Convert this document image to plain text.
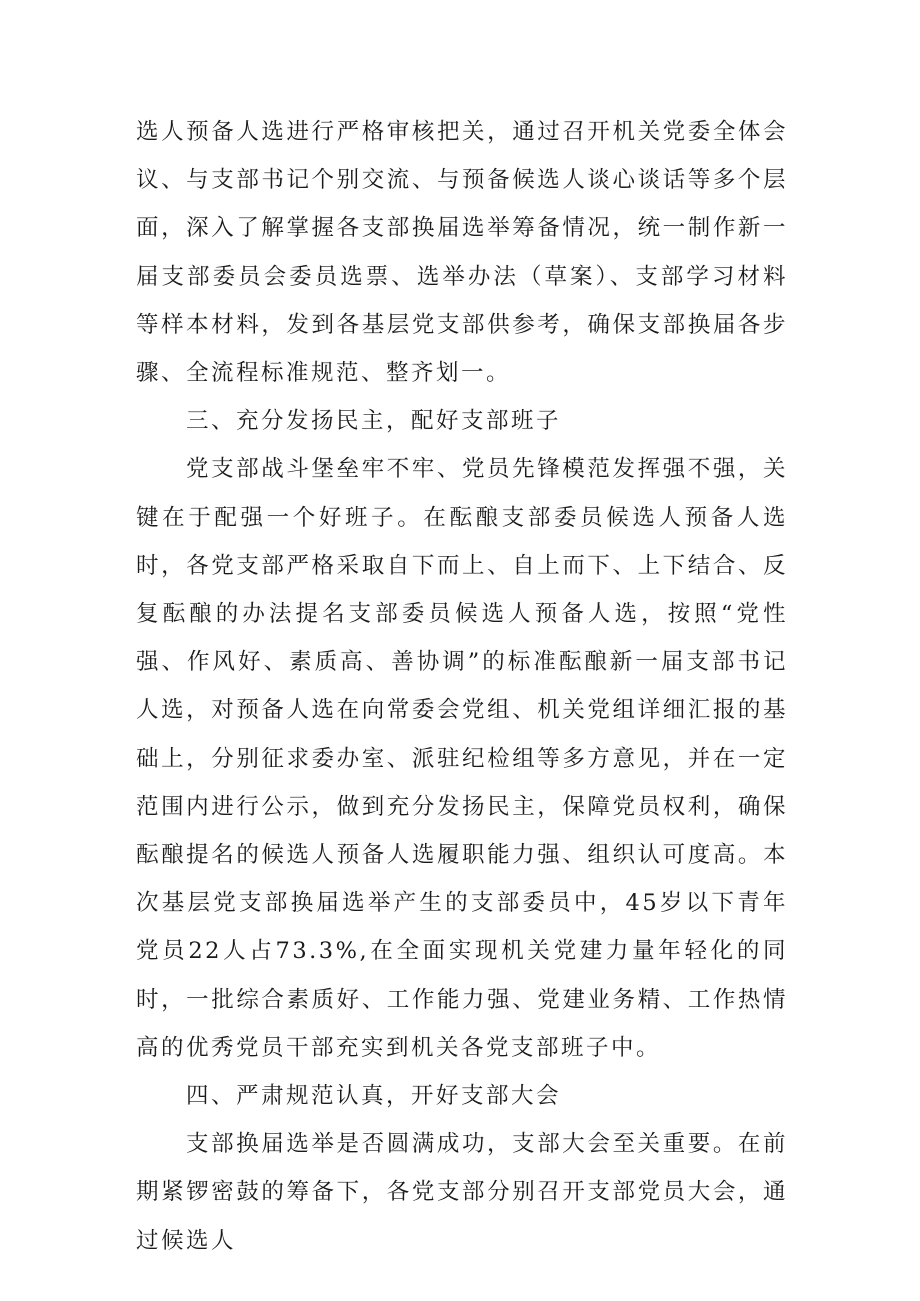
选人预备人选进行严格审核把关，通过召开机关党委全体会议、与支部书记个别交流、与预备候选人谈心谈话等多个层面，深入了解掌握各支部换届选举筹备情况，统一制作新一届支部委员会委员选票、选举办法（草案）、支部学习材料等样本材料，发到各基层党支部供参考，确保支部换届各步骤、全流程标准规范、整齐划一。

三、充分发扬民主，配好支部班子

党支部战斗堡垒牢不牢、党员先锋模范发挥强不强，关键在于配强一个好班子。在酝酿支部委员候选人预备人选时，各党支部严格采取自下而上、自上而下、上下结合、反复酝酿的办法提名支部委员候选人预备人选，按照“党性强、作风好、素质高、善协调”的标准酝酿新一届支部书记人选，对预备人选在向常委会党组、机关党组详细汇报的基础上，分别征求委办室、派驻纪检组等多方意见，并在一定范围内进行公示，做到充分发扬民主，保障党员权利，确保酝酿提名的候选人预备人选履职能力强、组织认可度高。本次基层党支部换届选举产生的支部委员中，45岁以下青年党员22人占73.3%,在全面实现机关党建力量年轻化的同时，一批综合素质好、工作能力强、党建业务精、工作热情高的优秀党员干部充实到机关各党支部班子中。

四、严肃规范认真，开好支部大会

支部换届选举是否圆满成功，支部大会至关重要。在前期紧锣密鼓的筹备下，各党支部分别召开支部党员大会，通过候选人
